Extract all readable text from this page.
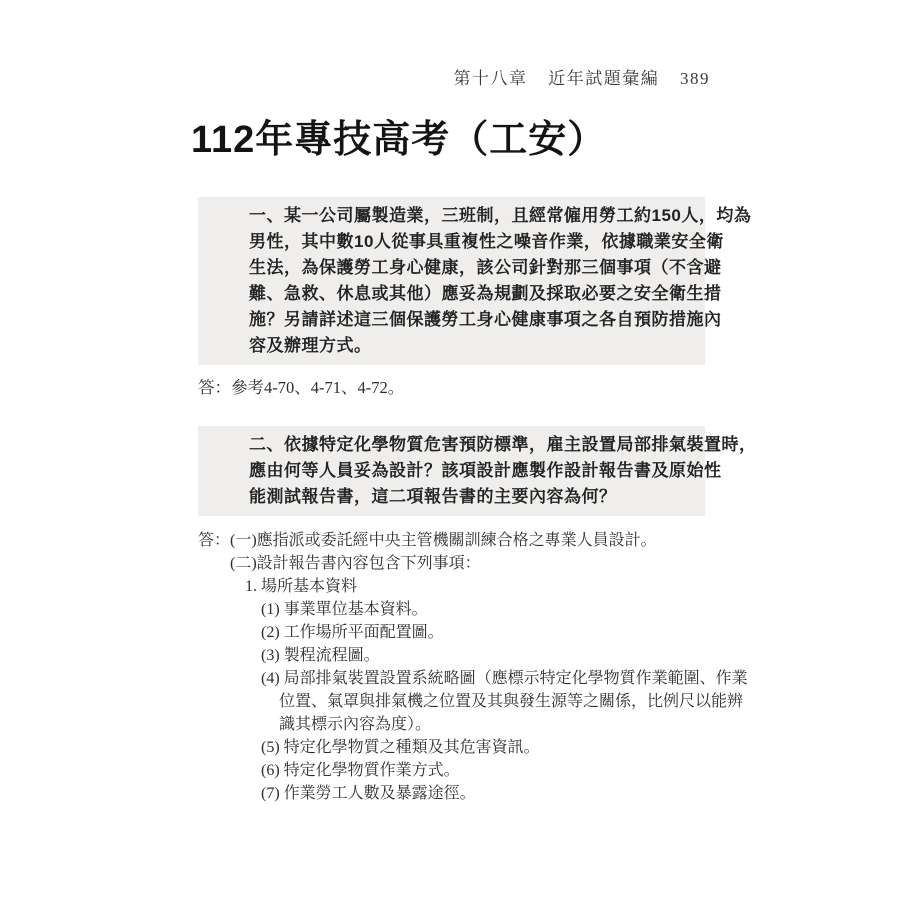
第十八章 近年試題彙編 389
112年專技高考（工安）
一、某一公司屬製造業，三班制，且經常僱用勞工約150人，均為
男性，其中數10人從事具重複性之噪音作業，依據職業安全衛
生法，為保護勞工身心健康，該公司針對那三個事項（不含避
難、急救、休息或其他）應妥為規劃及採取必要之安全衛生措
施？另請詳述這三個保護勞工身心健康事項之各自預防措施內
容及辦理方式。
答：參考4-70、4-71、4-72。
二、依據特定化學物質危害預防標準，雇主設置局部排氣裝置時，
應由何等人員妥為設計？該項設計應製作設計報告書及原始性
能測試報告書，這二項報告書的主要內容為何？
答：(一)應指派或委託經中央主管機關訓練合格之專業人員設計。
(二)設計報告書內容包含下列事項：
1. 場所基本資料
(1) 事業單位基本資料。
(2) 工作場所平面配置圖。
(3) 製程流程圖。
(4) 局部排氣裝置設置系統略圖（應標示特定化學物質作業範圍、作業
位置、氣罩與排氣機之位置及其與發生源等之關係，比例尺以能辨
識其標示內容為度）。
(5) 特定化學物質之種類及其危害資訊。
(6) 特定化學物質作業方式。
(7) 作業勞工人數及暴露途徑。
